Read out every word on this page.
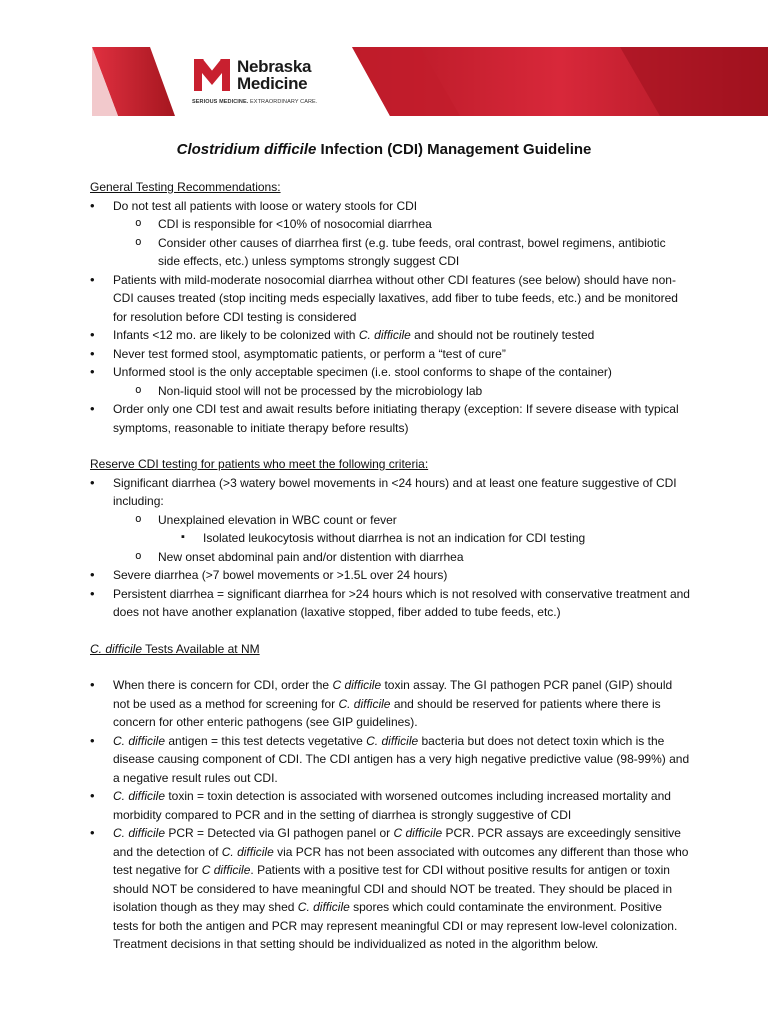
Nebraska
Medicine
SERIOUS MEDICINE. EXTRAORDINARY CARE.
Clostridium difficile Infection (CDI) Management Guideline
General Testing Recommendations:
• Do not test all patients with loose or watery stools for CDI
o CDI is responsible for <10% of nosocomial diarrhea
o Consider other causes of diarrhea first (e.g. tube feeds, oral contrast, bowel regimens, antibiotic side effects, etc.) unless symptoms strongly suggest CDI
• Patients with mild-moderate nosocomial diarrhea without other CDI features (see below) should have non-CDI causes treated (stop inciting meds especially laxatives, add fiber to tube feeds, etc.) and be monitored for resolution before CDI testing is considered
• Infants <12 mo. are likely to be colonized with C. difficile and should not be routinely tested
• Never test formed stool, asymptomatic patients, or perform a “test of cure”
• Unformed stool is the only acceptable specimen (i.e. stool conforms to shape of the container)
o Non-liquid stool will not be processed by the microbiology lab
• Order only one CDI test and await results before initiating therapy (exception: If severe disease with typical symptoms, reasonable to initiate therapy before results)
Reserve CDI testing for patients who meet the following criteria:
• Significant diarrhea (>3 watery bowel movements in <24 hours) and at least one feature suggestive of CDI including:
o Unexplained elevation in WBC count or fever
▪ Isolated leukocytosis without diarrhea is not an indication for CDI testing
o New onset abdominal pain and/or distention with diarrhea
• Severe diarrhea (>7 bowel movements or >1.5L over 24 hours)
• Persistent diarrhea = significant diarrhea for >24 hours which is not resolved with conservative treatment and does not have another explanation (laxative stopped, fiber added to tube feeds, etc.)
C. difficile Tests Available at NM
• When there is concern for CDI, order the C difficile toxin assay. The GI pathogen PCR panel (GIP) should not be used as a method for screening for C. difficile and should be reserved for patients where there is concern for other enteric pathogens (see GIP guidelines).
• C. difficile antigen = this test detects vegetative C. difficile bacteria but does not detect toxin which is the disease causing component of CDI. The CDI antigen has a very high negative predictive value (98-99%) and a negative result rules out CDI.
• C. difficile toxin = toxin detection is associated with worsened outcomes including increased mortality and morbidity compared to PCR and in the setting of diarrhea is strongly suggestive of CDI
• C. difficile PCR = Detected via GI pathogen panel or C difficile PCR. PCR assays are exceedingly sensitive and the detection of C. difficile via PCR has not been associated with outcomes any different than those who test negative for C difficile. Patients with a positive test for CDI without positive results for antigen or toxin should NOT be considered to have meaningful CDI and should NOT be treated. They should be placed in isolation though as they may shed C. difficile spores which could contaminate the environment. Positive tests for both the antigen and PCR may represent meaningful CDI or may represent low-level colonization. Treatment decisions in that setting should be individualized as noted in the algorithm below.
